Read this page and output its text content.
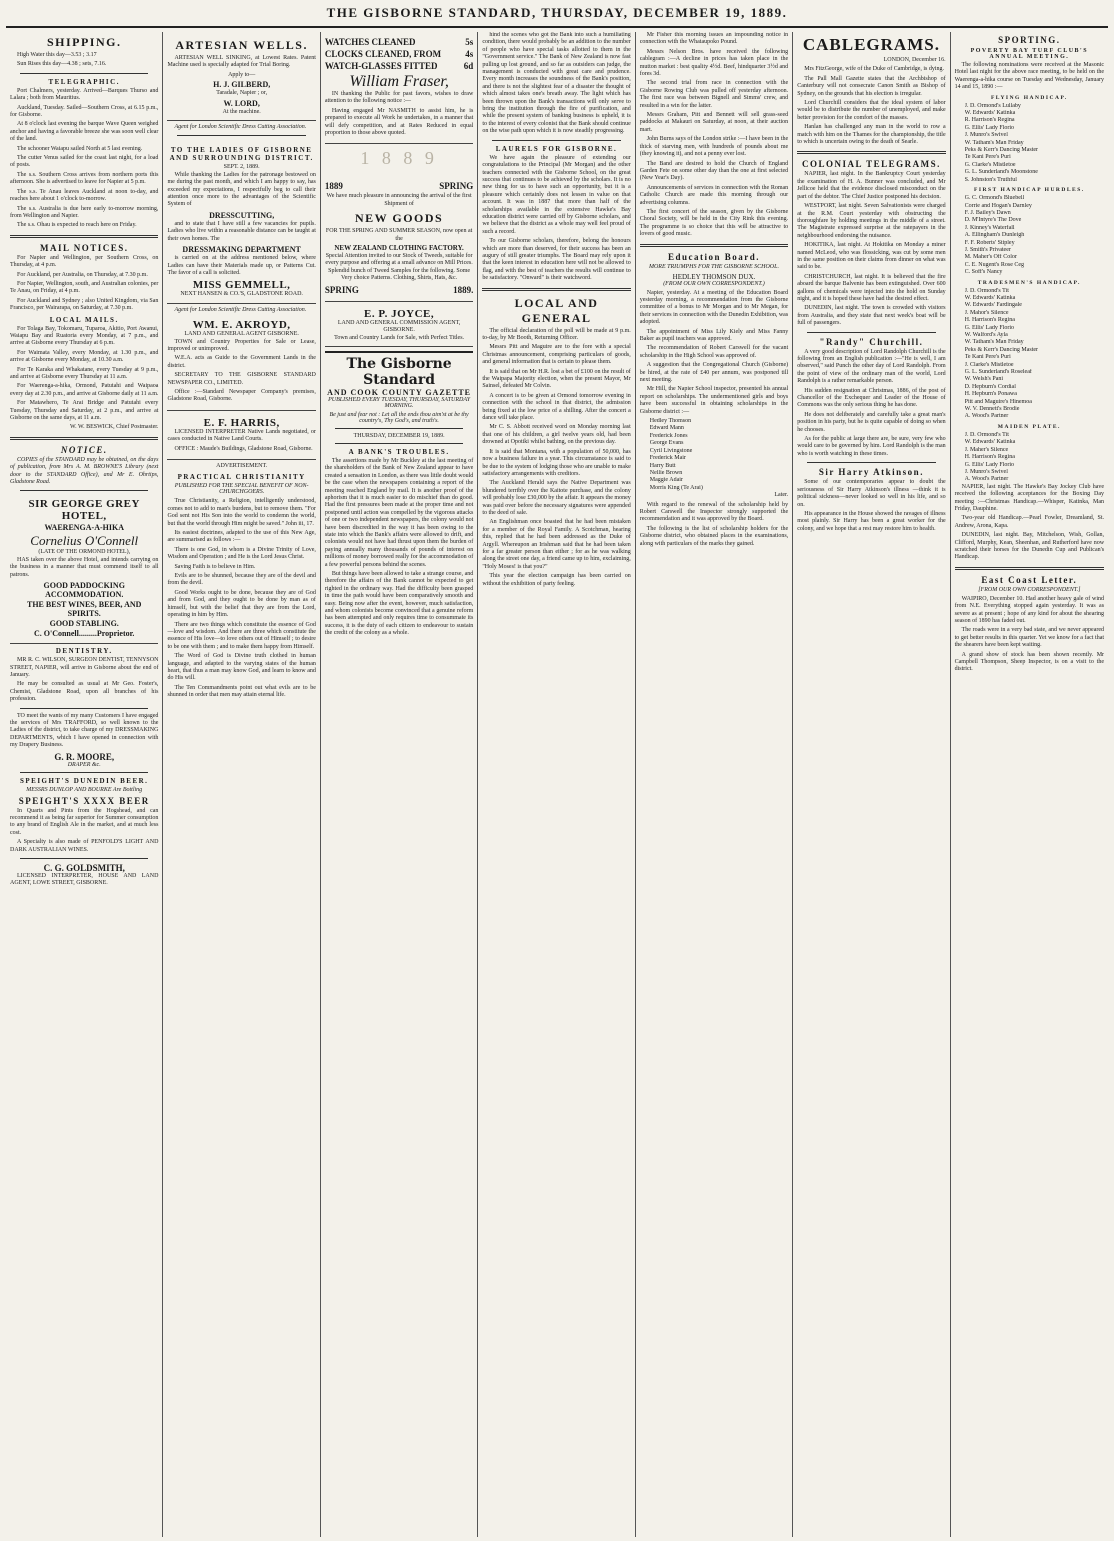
THE GISBORNE STANDARD, THURSDAY, DECEMBER 19, 1889.
SHIPPING.

High Water this day—3.53 ; 3.17

Sun Rises this day—4.38 ; sets, 7.16.

TELEGRAPHIC.

Port Chalmers, yesterday. Arrived—Barques Thurso and Lalara ; both from Mauritius.

Auckland, Tuesday. Sailed—Southern Cross, at 6.15 p.m., for Gisborne.

At 8 o'clock last evening the barque Wave Queen weighed anchor and having a favorable breeze she was soon well clear of the land.

The schooner Waiapu sailed North at 5 last evening.

The cutter Venus sailed for the coast last night, for a load of posts.

The s.s. Southern Cross arrives from northern ports this afternoon. She is advertised to leave for Napier at 5 p.m.

The s.s. Te Anau leaves Auckland at noon to-day, and reaches here about 1 o'clock to-morrow.

The s.s. Australia is due here early to-morrow morning, from Wellington and Napier.

The s.s. Ohau is expected to reach here on Friday.

MAIL NOTICES.

For Napier and Wellington, per Southern Cross, on Thursday, at 4 p.m.

For Auckland, per Australia, on Thursday, at 7.30 p.m.

For Napier, Wellington, south, and Australian colonies, per Te Anau, on Friday, at 4 p.m.

For Auckland and Sydney ; also United Kingdom, via San Francisco, per Wairarapa, on Saturday, at 7.30 p.m.

LOCAL MAILS.

For Tolaga Bay, Tokomaru, Tuparoa, Akitio, Port Awanui, Waiapu Bay and Ruatoria every Monday, at 7 p.m., and arrive at Gisborne every Thursday at 6 p.m.

For Waimata Valley, every Monday, at 1.30 p.m., and arrive at Gisborne every Monday, at 10.30 a.m.

For Te Karaka and Whakatane, every Tuesday at 9 p.m., and arrive at Gisborne every Thursday at 11 a.m.

For Waerenga-a-hika, Ormond, Patutahi and Waipaoa every day at 2.30 p.m., and arrive at Gisborne daily at 11 a.m.

For Matawhero, Te Arai Bridge and Patutahi every Tuesday, Thursday and Saturday, at 2 p.m., and arrive at Gisborne on the same days, at 11 a.m.

W. W. BESWICK, Chief Postmaster.

NOTICE.

COPIES of the STANDARD may be obtained, on the days of publication, from Mrs A. M. BROWNE'S Library (next door to the STANDARD Office), and Mr E. Ohrtips, Gladstone Road.

SIR GEORGE GREY HOTEL,
WAERENGA-A-HIKA
Cornelius O'Connell

(LATE OF THE ORMOND HOTEL),

HAS taken over the above Hotel, and intends carrying on the business in a manner that must commend itself to all patrons.

GOOD PADDOCKING ACCOMMODATION.
THE BEST WINES, BEER, AND SPIRITS.
GOOD STABLING.
C. O'Connell.........Proprietor.
DENTISTRY.

MR R. C. WILSON, SURGEON DENTIST, TENNYSON STREET, NAPIER, will arrive in Gisborne about the end of January.

He may be consulted as usual at Mr Geo. Foster's, Chemist, Gladstone Road, upon all branches of his profession.

TO meet the wants of my many Customers I have engaged the services of Mrs TRAFFORD, so well known to the Ladies of the district, to take charge of my DRESSMAKING DEPARTMENTS, which I have opened in connection with my Drapery Business.

G. R. MOORE,
DRAPER &c.
SPEIGHT'S DUNEDIN BEER.
MESSRS DUNLOP AND BOURKE Are Bottling
SPEIGHT'S XXXX BEER

In Quarts and Pints from the Hogshead, and can recommend it as being far superior for Summer consumption to any brand of English Ale in the market, and at much less cost.

A Specialty is also made of PENFOLD'S LIGHT AND DARK AUSTRALIAN WINES.

C. G. GOLDSMITH,

LICENSED INTERPRETER, HOUSE AND LAND AGENT, LOWE STREET, GISBORNE.

ARTESIAN WELLS.

ARTESIAN WELL SINKING, at Lowest Rates. Patent Machine used is specially adapted for Trial Boring.

Apply to—

H. J. GILBERD,

Taradale, Napier ; or,

W. LORD,

At the machine.

Agent for London Scientific Dress Cutting Association.

TO THE LADIES OF GISBORNE AND SURROUNDING DISTRICT.

SEPT. 2, 1889.

While thanking the Ladies for the patronage bestowed on me during the past month, and which I am happy to say, has exceeded my expectations, I respectfully beg to call their attention once more to the advantages of the Scientific System of

DRESSCUTTING,

and to state that I have still a few vacancies for pupils. Ladies who live within a reasonable distance can be taught at their own homes. The

DRESSMAKING DEPARTMENT

is carried on at the address mentioned below, where Ladies can have their Materials made up, or Patterns Cut. The favor of a call is solicited.

MISS GEMMELL,

NEXT HANSEN & CO.'S, GLADSTONE ROAD.

Agent for London Scientific Dress Cutting Association.

WM. E. AKROYD,

LAND AND GENERAL AGENT GISBORNE.

TOWN and Country Properties for Sale or Lease, improved or unimproved.

W.E.A. acts as Guide to the Government Lands in the district.

SECRETARY TO THE GISBORNE STANDARD NEWSPAPER CO., LIMITED.

Office :—Standard Newspaper Company's premises, Gladstone Road, Gisborne.

E. F. HARRIS,

LICENSED INTERPRETER Native Lands negotiated, or cases conducted in Native Land Courts.

OFFICE : Maude's Buildings, Gladstone Road, Gisborne.

ADVERTISEMENT.

PRACTICAL CHRISTIANITY
PUBLISHED FOR THE SPECIAL BENEFIT OF NON-CHURCHGOERS.

True Christianity, a Religion, intelligently understood, comes not to add to man's burdens, but to remove them. "For God sent not His Son into the world to condemn the world, but that the world through Him might be saved." John iii, 17.

Its easiest doctrines, adapted to the use of this New Age, are summarised as follows :—

There is one God, in whom is a Divine Trinity of Love, Wisdom and Operation ; and He is the Lord Jesus Christ.

Saving Faith is to believe in Him.

Evils are to be shunned, because they are of the devil and from the devil.

Good Works ought to be done, because they are of God and from God, and they ought to be done by man as of himself, but with the belief that they are from the Lord, operating in him by Him.

There are two things which constitute the essence of God—love and wisdom. And there are three which constitute the essence of His love—to love others out of Himself ; to desire to be one with them ; and to make them happy from Himself.

The Word of God is Divine truth clothed in human language, and adapted to the varying states of the human heart, that thus a man may know God, and learn to know and do His will.

The Ten Commandments point out what evils are to be shunned in order that men may attain eternal life.

WATCHES CLEANED	5s
CLOCKS CLEANED, FROM	4s
WATCH-GLASSES FITTED	6d
William Fraser,

IN thanking the Public for past favors, wishes to draw attention to the following notice :—

Having engaged Mr NASMITH to assist him, he is prepared to execute all Work he undertakes, in a manner that will defy competition, and at Rates Reduced in equal proportion to those above quoted.

1 8 8 9
1889	SPRING

We have much pleasure in announcing the arrival of the first Shipment of

NEW GOODS

FOR THE SPRING AND SUMMER SEASON, now open at the

NEW ZEALAND CLOTHING FACTORY.

Special Attention invited to our Stock of Tweeds, suitable for every purpose and offering at a small advance on Mill Prices. Splendid bunch of Tweed Samples for the following. Some Very choice Patterns. Clothing, Shirts, Hats, &c.

SPRING	1889.
E. P. JOYCE,

LAND AND GENERAL COMMISSION AGENT, GISBORNE.

Town and Country Lands for Sale, with Perfect Titles.

The Gisborne Standard
AND COOK COUNTY GAZETTE
PUBLISHED EVERY TUESDAY, THURSDAY, SATURDAY MORNING.
Be just and fear not : Let all the ends thou aim'st at be thy country's, Thy God's, and truth's.
THURSDAY, DECEMBER 19, 1889.
A BANK'S TROUBLES.

The assertions made by Mr Buckley at the last meeting of the shareholders of the Bank of New Zealand appear to have created a sensation in London, as there was little doubt would be the case when the newspapers containing a report of the meeting reached England by mail. It is another proof of the aphorism that it is much easier to do mischief than do good. Had the first pressures been made at the proper time and not postponed until action was compelled by the vigorous attacks of one or two independent newspapers, the colony would not have been discredited in the way it has been owing to the state into which the Bank's affairs were allowed to drift, and colonists would not have had thrust upon them the burden of paying annually many thousands of pounds of interest on millions of money borrowed really for the accommodation of a few powerful persons behind the scenes.

But things have been allowed to take a strange course, and therefore the affairs of the Bank cannot be expected to get righted in the ordinary way. Had the difficulty been grasped in time the path would have been comparatively smooth and easy. Being now after the event, however, much satisfaction, and whom colonists become convinced that a genuine reform has been attempted and only requires time to consummate its success, it is the duty of each citizen to endeavour to sustain the credit of the colony as a whole.

hind the scenes who got the Bank into such a humiliating condition, there would probably be an addition to the number of people who have special tasks allotted to them in the "Government service." The Bank of New Zealand is now fast pulling up lost ground, and so far as outsiders can judge, the management is conducted with great care and prudence. Every month increases the soundness of the Bank's position, and there is not the slightest fear of a disaster the thought of which almost takes one's breath away. The light which has been thrown upon the Bank's transactions will only serve to bring the institution through the fire of purification, and while the present system of banking business is upheld, it is to the interest of every colonist that the Bank should continue on the wise path upon which it is now steadily progressing.

LAURELS FOR GISBORNE.

We have again the pleasure of extending our congratulations to the Principal (Mr Morgan) and the other teachers connected with the Gisborne School, on the great success that continues to be achieved by the scholars. It is no new thing for us to have such an opportunity, but it is a pleasure which certainly does not lessen in value on that account. It was in 1887 that more than half of the scholarships available in the extensive Hawke's Bay education district were carried off by Gisborne scholars, and we believe that the district as a whole may well feel proud of such a record.

To our Gisborne scholars, therefore, belong the honours which are more than deserved, for their success has been an augury of still greater triumphs. The Board may rely upon it that the keen interest in education here will not be allowed to flag, and with the best of teachers the results will continue to be satisfactory. "Onward" is their watchword.

LOCAL AND GENERAL

The official declaration of the poll will be made at 9 p.m. to-day, by Mr Booth, Returning Officer.

Messrs Pitt and Maguire are to the fore with a special Christmas announcement, comprising particulars of goods, and general information that is certain to please them.

It is said that on Mr H.R. lost a bet of £100 on the result of the Waipapa Majority election, when the present Mayor, Mr Sainsel, defeated Mr Colvin.

A concert is to be given at Ormond tomorrow evening in connection with the school in that district, the admission being fixed at the low price of a shilling. After the concert a dance will take place.

Mr C. S. Abbott received word on Monday morning last that one of his children, a girl twelve years old, had been drowned at Opotiki whilst bathing, on the previous day.

It is said that Montana, with a population of 50,000, has now a business failure in a year. This circumstance is said to be due to the system of lodging those who are unable to make satisfactory arrangements with creditors.

The Auckland Herald says the Native Department was blundered terribly over the Kaitote purchase, and the colony will probably lose £30,000 by the affair. It appears the money was paid over before the necessary signatures were appended to the deed of sale.

An Englishman once boasted that he had been mistaken for a member of the Royal Family. A Scotchman, hearing this, replied that he had been addressed as the Duke of Argyll. Whereupon an Irishman said that he had been taken for a far greater person than either ; for as he was walking along the street one day, a friend came up to him, exclaiming, "Holy Moses! is that you?"

This year the election campaign has been carried on without the exhibition of party feeling.

Mr Fisher this morning issues an impounding notice in connection with the Whataupoko Pound.

Messrs Nelson Bros. have received the following cablegram :—A decline in prices has taken place in the mutton market : best quality 4½d. Beef, hindquarter 3½d and fores 3d.

The second trial from race in connection with the Gisborne Rowing Club was pulled off yesterday afternoon. The first race was between Bignell and Simms' crew, and resulted in a win for the latter.

Messrs Graham, Pitt and Bennett will sell grass-seed paddocks at Makauri on Saturday, at noon, at their auction mart.

John Burns says of the London strike :—I have been in the thick of starving men, with hundreds of pounds about me (they knowing it), and not a penny ever lost.

The Band are desired to hold the Church of England Garden Fete on some other day than the one at first selected (New Year's Day).

Announcements of services in connection with the Roman Catholic Church are made this morning through our advertising columns.

The first concert of the season, given by the Gisborne Choral Society, will be held in the City Rink this evening. The programme is so choice that this will be attractive to lovers of good music.

Education Board.
MORE TRIUMPHS FOR THE GISBORNE SCHOOL.
HEDLEY THOMSON DUX.
(FROM OUR OWN CORRESPONDENT.)

Napier, yesterday. At a meeting of the Education Board yesterday morning, a recommendation from the Gisborne committee of a bonus to Mr Morgan and to Mr Megan, for their services in connection with the Dunedin Exhibition, was adopted.

The appointment of Miss Lily Kiely and Miss Fanny Baker as pupil teachers was approved.

The recommendation of Robert Carswell for the vacant scholarship in the High School was approved of.

A suggestion that the Congregational Church (Gisborne) be hired, at the rate of £40 per annum, was postponed till next meeting.

Mr Hill, the Napier School inspector, presented his annual report on scholarships. The undermentioned girls and boys have been successful in obtaining scholarships in the Gisborne district :—

Hedley Thomson
Edward Mann
Frederick Jones
George Evans
Cyril Livingstone
Frederick Mair
Harry Butt
Nellie Brown
Maggie Adair
Morris King (Te Arai)

Later.

With regard to the renewal of the scholarship held by Robert Carswell the Inspector strongly supported the recommendation and it was approved by the Board.

The following is the list of scholarship holders for the Gisborne district, who obtained places in the examinations, along with particulars of the marks they gained.

CABLEGRAMS.

LONDON, December 16.

Mrs FitzGeorge, wife of the Duke of Cambridge, is dying.

The Pall Mall Gazette states that the Archbishop of Canterbury will not consecrate Canon Smith as Bishop of Sydney, on the grounds that his election is irregular.

Lord Churchill considers that the ideal system of labor would be to distribute the number of unemployed, and make better provision for the comfort of the masses.

Hanlan has challenged any man in the world to row a match with him on the Thames for the championship, the title to which is uncertain owing to the death of Searle.

COLONIAL TELEGRAMS.

NAPIER, last night. In the Bankruptcy Court yesterday the examination of H. A. Bunner was concluded, and Mr Jellicoe held that the evidence disclosed misconduct on the part of the debtor. The Chief Justice postponed his decision.

WESTPORT, last night. Seven Salvationists were charged at the R.M. Court yesterday with obstructing the thoroughfare by holding meetings in the middle of a street. The Magistrate expressed surprise at the ratepayers in the neighbourhood endorsing the nuisance.

HOKITIKA, last night. At Hokitika on Monday a miner named McLeod, who was flossicking, was cut by some men in the same position on their claims from dinner on what was said to be.

CHRISTCHURCH, last night. It is believed that the fire aboard the barque Balvenie has been extinguished. Over 600 gallons of chemicals were injected into the hold on Sunday night, and it is hoped these have had the desired effect.

DUNEDIN, last night. The town is crowded with visitors from Australia, and they state that next week's boat will be full of passengers.

"Randy" Churchill.

A very good description of Lord Randolph Churchill is the following from an English publication :—"He is well, I am observed," said Punch the other day of Lord Randolph. From the point of view of the ordinary man of the world, Lord Randolph is a rather remarkable person.

His sudden resignation at Christmas, 1886, of the post of Chancellor of the Exchequer and Leader of the House of Commons was the only serious thing he has done.

He does not deliberately and carefully take a great man's position in his party, but he is quite capable of doing so when he chooses.

As for the public at large there are, be sure, very few who would care to be governed by him. Lord Randolph is the man who is worth watching in these times.

Sir Harry Atkinson.

Some of our contemporaries appear to doubt the seriousness of Sir Harry Atkinson's illness —think it is political sickness—never looked so well in his life, and so on.

His appearance in the House showed the ravages of illness most plainly. Sir Harry has been a great worker for the colony, and we hope that a rest may restore him to health.

SPORTING.
POVERTY BAY TURF CLUB'S ANNUAL MEETING.

The following nominations were received at the Masonic Hotel last night for the above race meeting, to be held on the Waerenga-a-hika course on Tuesday and Wednesday, January 14 and 15, 1890 :—

FLYING HANDICAP.
J. D. Ormond's Lullaby
W. Edwards' Katinka
R. Harrison's Regina
G. Ellis' Lady Florio
J. Munro's Swivel
W. Tatham's Man Friday
Peks & Kerr's Dancing Master
Te Kani Pere's Puri
G. Clarke's Mistletoe
G. L. Sunderland's Moonstone
S. Johnston's Truthful
FIRST HANDICAP HURDLES.
G. C. Ormond's Bluebell
Corrie and Hogan's Darnley
F. J. Bailey's Dawn
D. M'Intyre's The Dove
J. Kinney's Waterfall
A. Ellingham's Dunleigh
F. F. Roberts' Stipley
J. Smith's Privateer
M. Maher's Off Color
C. E. Nugent's Rose Ceg
C. Soff's Nancy
TRADESMEN'S HANDICAP.
J. D. Ormond's Tit
W. Edwards' Katinka
W. Edwards' Fardingale
J. Mahor's Silence
H. Harrison's Regina
G. Ellis' Lady Florio
W. Walford's Ayla
W. Tatham's Man Friday
Peks & Kerr's Dancing Master
Te Kani Pere's Puri
J. Clarke's Mistletoe
G. L. Sunderland's Roseleaf
W. Welsh's Pani
D. Hepburn's Cordial
H. Hepburn's Ponawa
Pitt and Maguire's Hinemoa
W. V. Dennett's Brodie
A. Wood's Partner
MAIDEN PLATE.
J. D. Ormond's Tit
W. Edwards' Katinka
J. Maher's Silence
H. Harrison's Regina
G. Ellis' Lady Florio
J. Munro's Swivel
A. Wood's Partner

NAPIER, last night. The Hawke's Bay Jockey Club have received the following acceptances for the Boxing Day meeting :—Christmas Handicap.—Whisper, Katinka, Man Friday, Dauphine.

Two-year old Handicap.—Pearl Fowler, Dreamland, St. Andrew, Arona, Kapa.

DUNEDIN, last night. Bay, Mitchelson, Wish, Gollan, Clifford, Murphy, Kean, Sheenhan, and Rutherford have now scratched their horses for the Dunedin Cup and Publican's Handicap.

East Coast Letter.
[FROM OUR OWN CORRESPONDENT.]

WAIPIRO, December 10. Had another heavy gale of wind from N.E. Everything stopped again yesterday. It was as severe as at present ; hope of any kind for about the shearing season of 1890 has faded out.

The roads were in a very bad state, and we never appeared to get better results in this quarter. Yet we know for a fact that the shearers have been kept waiting.

A grand show of stock has been shown recently. Mr Campbell Thompson, Sheep Inspector, is on a visit to the district.
